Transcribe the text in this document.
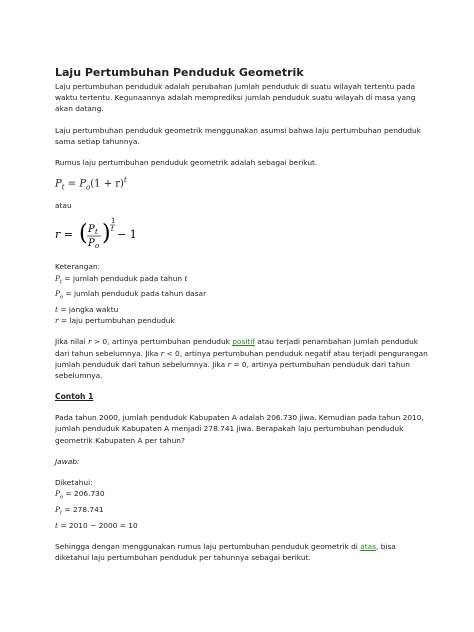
Laju Pertumbuhan Penduduk Geometrik

Laju pertumbuhan penduduk adalah perubahan jumlah penduduk di suatu wilayah tertentu pada waktu tertentu. Kegunaannya adalah memprediksi jumlah penduduk suatu wilayah di masa yang akan datang.

Laju pertumbuhan penduduk geometrik menggunakan asumsi bahwa laju pertumbuhan penduduk sama setiap tahunnya.

Rumus laju pertumbuhan penduduk geometrik adalah sebagai berikut.

$P_t = P_o(1 + r)^t$

atau

r = ( P t
P o ) 1
t − 1

Keterangan:

$P_t$ = jumlah penduduk pada tahun t

$P_o$ = jumlah penduduk pada tahun dasar

t = jangka waktu

r = laju pertumbuhan penduduk

Jika nilai r > 0, artinya pertumbuhan penduduk positif atau terjadi penambahan jumlah penduduk dari tahun sebelumnya. Jika r < 0, artinya pertumbuhan penduduk negatif atau terjadi pengurangan jumlah penduduk dari tahun sebelumnya. Jika r = 0, artinya pertumbuhan penduduk dari tahun sebelumnya.

Contoh 1

Pada tahun 2000, jumlah penduduk Kabupaten A adalah 206.730 jiwa. Kemudian pada tahun 2010, jumlah penduduk Kabupaten A menjadi 278.741 jiwa. Berapakah laju pertumbuhan penduduk geometrik Kabupaten A per tahun?

Jawab:

Diketahui:

$P_o = 206.730$

$P_t = 278.741$

t = 2010 − 2000 = 10

Sehingga dengan menggunakan rumus laju pertumbuhan penduduk geometrik di atas, bisa diketahui laju pertumbuhan penduduk per tahunnya sebagai berikut.
